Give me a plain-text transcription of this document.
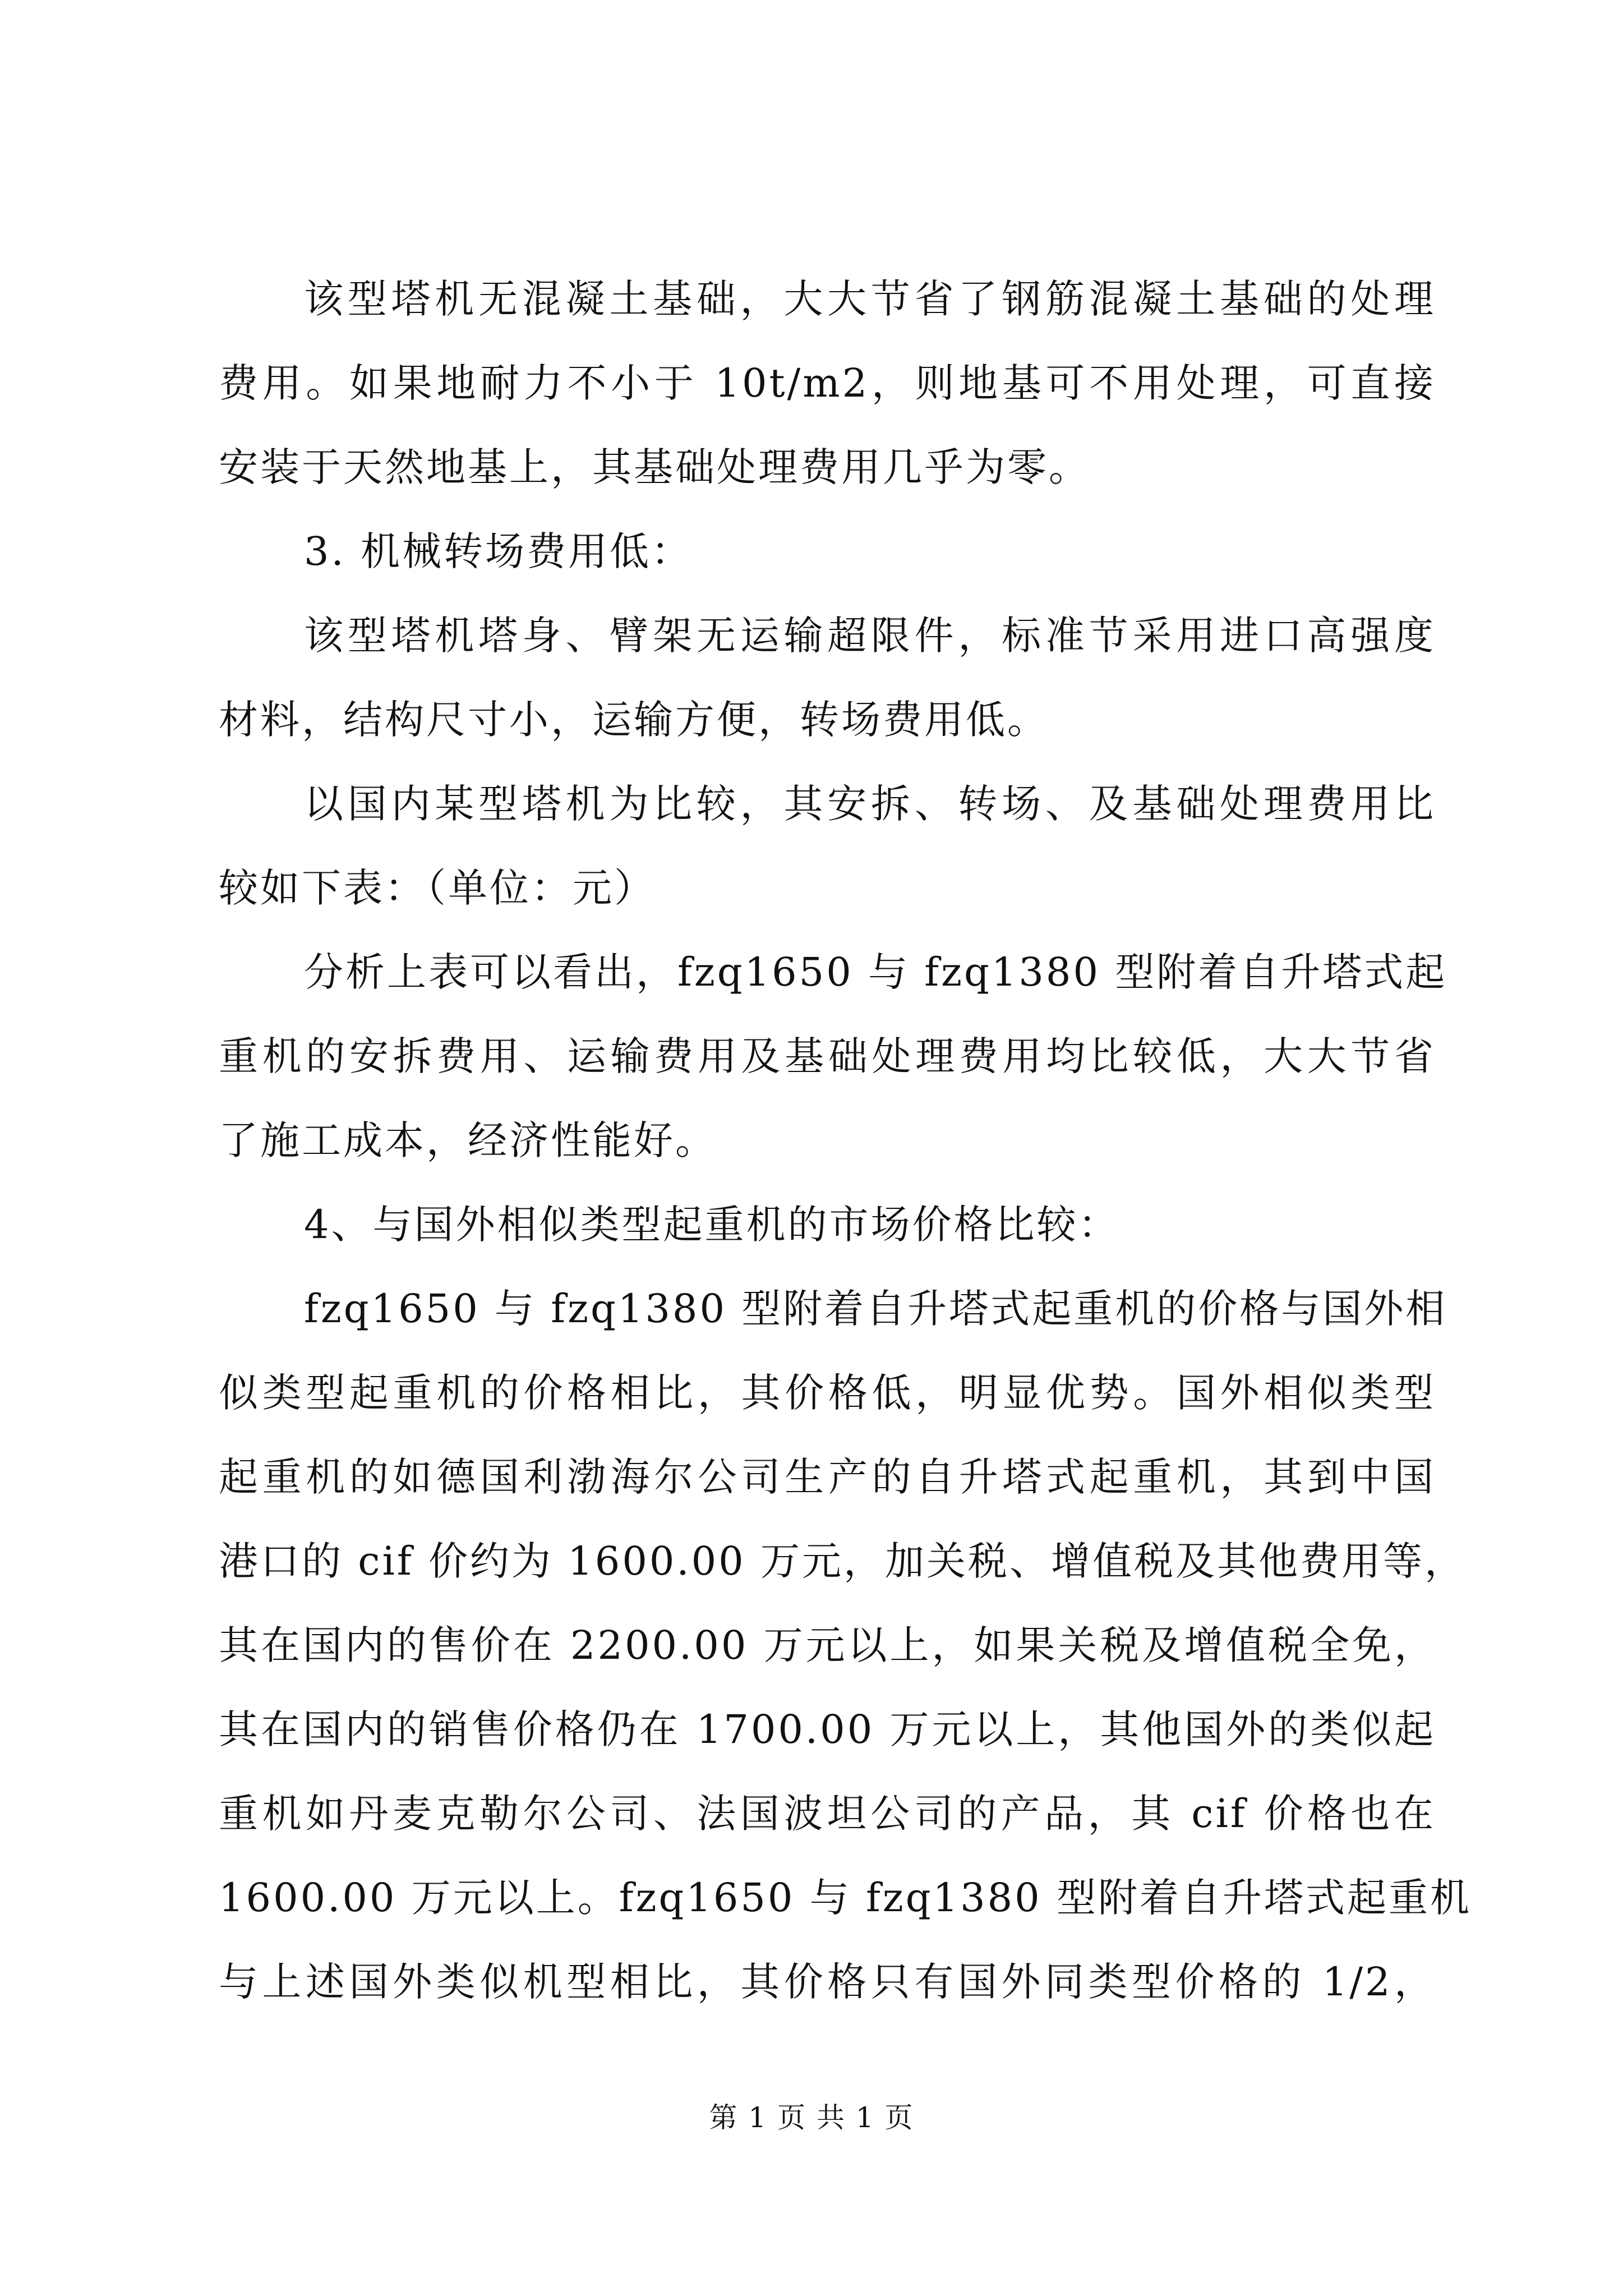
该型塔机无混凝土基础，大大节省了钢筋混凝土基础的处理
费用。如果地耐力不小于 10t/m2，则地基可不用处理，可直接
安装于天然地基上，其基础处理费用几乎为零。
3. 机械转场费用低：
该型塔机塔身、臂架无运输超限件，标准节采用进口高强度
材料，结构尺寸小，运输方便，转场费用低。
以国内某型塔机为比较，其安拆、转场、及基础处理费用比
较如下表：（单位：元）
分析上表可以看出，fzq1650 与 fzq1380 型附着自升塔式起
重机的安拆费用、运输费用及基础处理费用均比较低，大大节省
了施工成本，经济性能好。
4、与国外相似类型起重机的市场价格比较：
fzq1650 与 fzq1380 型附着自升塔式起重机的价格与国外相
似类型起重机的价格相比，其价格低，明显优势。国外相似类型
起重机的如德国利渤海尔公司生产的自升塔式起重机，其到中国
港口的 cif 价约为 1600.00 万元，加关税、增值税及其他费用等，
其在国内的售价在 2200.00 万元以上，如果关税及增值税全免，
其在国内的销售价格仍在 1700.00 万元以上，其他国外的类似起
重机如丹麦克勒尔公司、法国波坦公司的产品，其 cif 价格也在
1600.00 万元以上。fzq1650 与 fzq1380 型附着自升塔式起重机
与上述国外类似机型相比，其价格只有国外同类型价格的 1/2，
第 1 页 共 1 页
